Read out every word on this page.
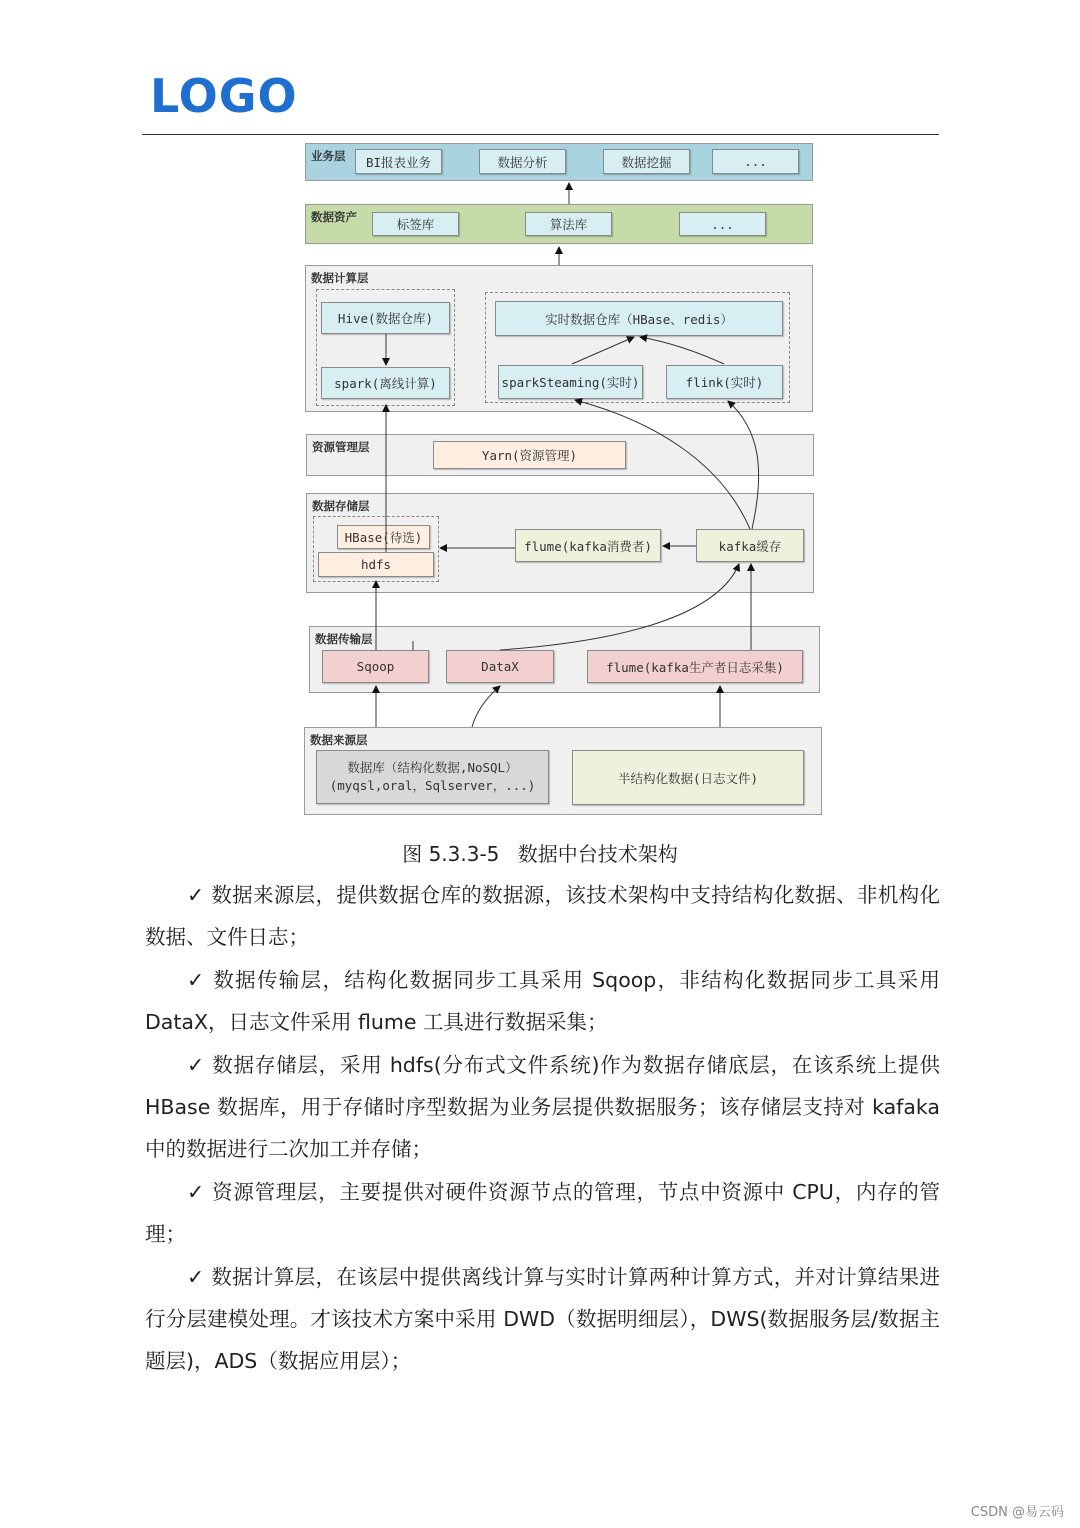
LOGO
业务层	BI报表业务	数据分析	数据挖掘	...
数据资产	标签库	算法库	...
数据计算层
Hive(数据仓库)
spark(离线计算)
实时数据仓库（HBase、redis）
sparkSteaming(实时)	flink(实时)
资源管理层
Yarn(资源管理)
数据存储层
HBase(待选)
hdfs
flume(kafka消费者)	kafka缓存
数据传输层
Sqoop	DataX	flume(kafka生产者日志采集)
数据来源层
数据库（结构化数据,NoSQL）
(myqsl,oral，Sqlserver，...)	半结构化数据(日志文件)
图 5.3.3-5 数据中台技术架构

✓ 数据来源层，提供数据仓库的数据源，该技术架构中支持结构化数据、非机构化数据、文件日志；

✓ 数据传输层，结构化数据同步工具采用 Sqoop，非结构化数据同步工具采用 DataX，日志文件采用 flume 工具进行数据采集；

✓ 数据存储层，采用 hdfs(分布式文件系统)作为数据存储底层，在该系统上提供 HBase 数据库，用于存储时序型数据为业务层提供数据服务；该存储层支持对 kafaka 中的数据进行二次加工并存储；

✓ 资源管理层，主要提供对硬件资源节点的管理，节点中资源中 CPU，内存的管理；

✓ 数据计算层，在该层中提供离线计算与实时计算两种计算方式，并对计算结果进行分层建模处理。才该技术方案中采用 DWD（数据明细层），DWS(数据服务层/数据主题层)，ADS（数据应用层）；

CSDN @易云码
